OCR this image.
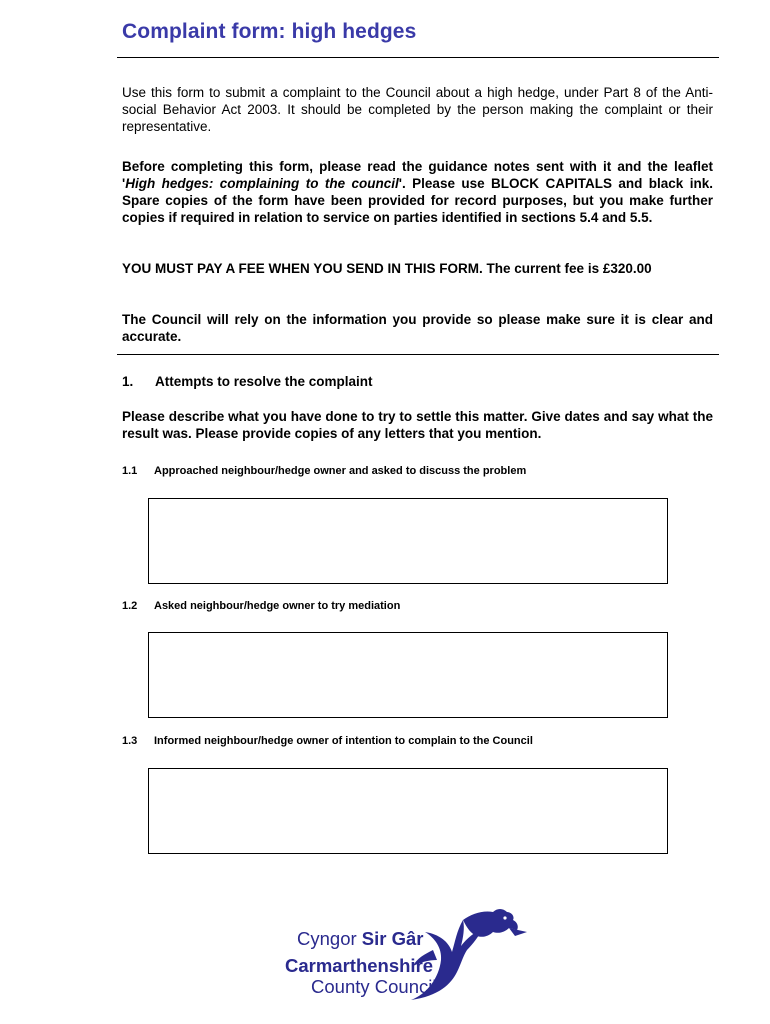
Complaint form: high hedges
Use this form to submit a complaint to the Council about a high hedge, under Part 8 of the Anti-social Behavior Act 2003. It should be completed by the person making the complaint or their representative.
Before completing this form, please read the guidance notes sent with it and the leaflet 'High hedges: complaining to the council'. Please use BLOCK CAPITALS and black ink. Spare copies of the form have been provided for record purposes, but you make further copies if required in relation to service on parties identified in sections 5.4 and 5.5.
YOU MUST PAY A FEE WHEN YOU SEND IN THIS FORM. The current fee is £320.00
The Council will rely on the information you provide so please make sure it is clear and accurate.
1.	Attempts to resolve the complaint
Please describe what you have done to try to settle this matter. Give dates and say what the result was. Please provide copies of any letters that you mention.
1.1	Approached neighbour/hedge owner and asked to discuss the problem
1.2	Asked neighbour/hedge owner to try mediation
1.3	Informed neighbour/hedge owner of intention to complain to the Council
Cyngor Sir Gâr
Carmarthenshire
County Council
